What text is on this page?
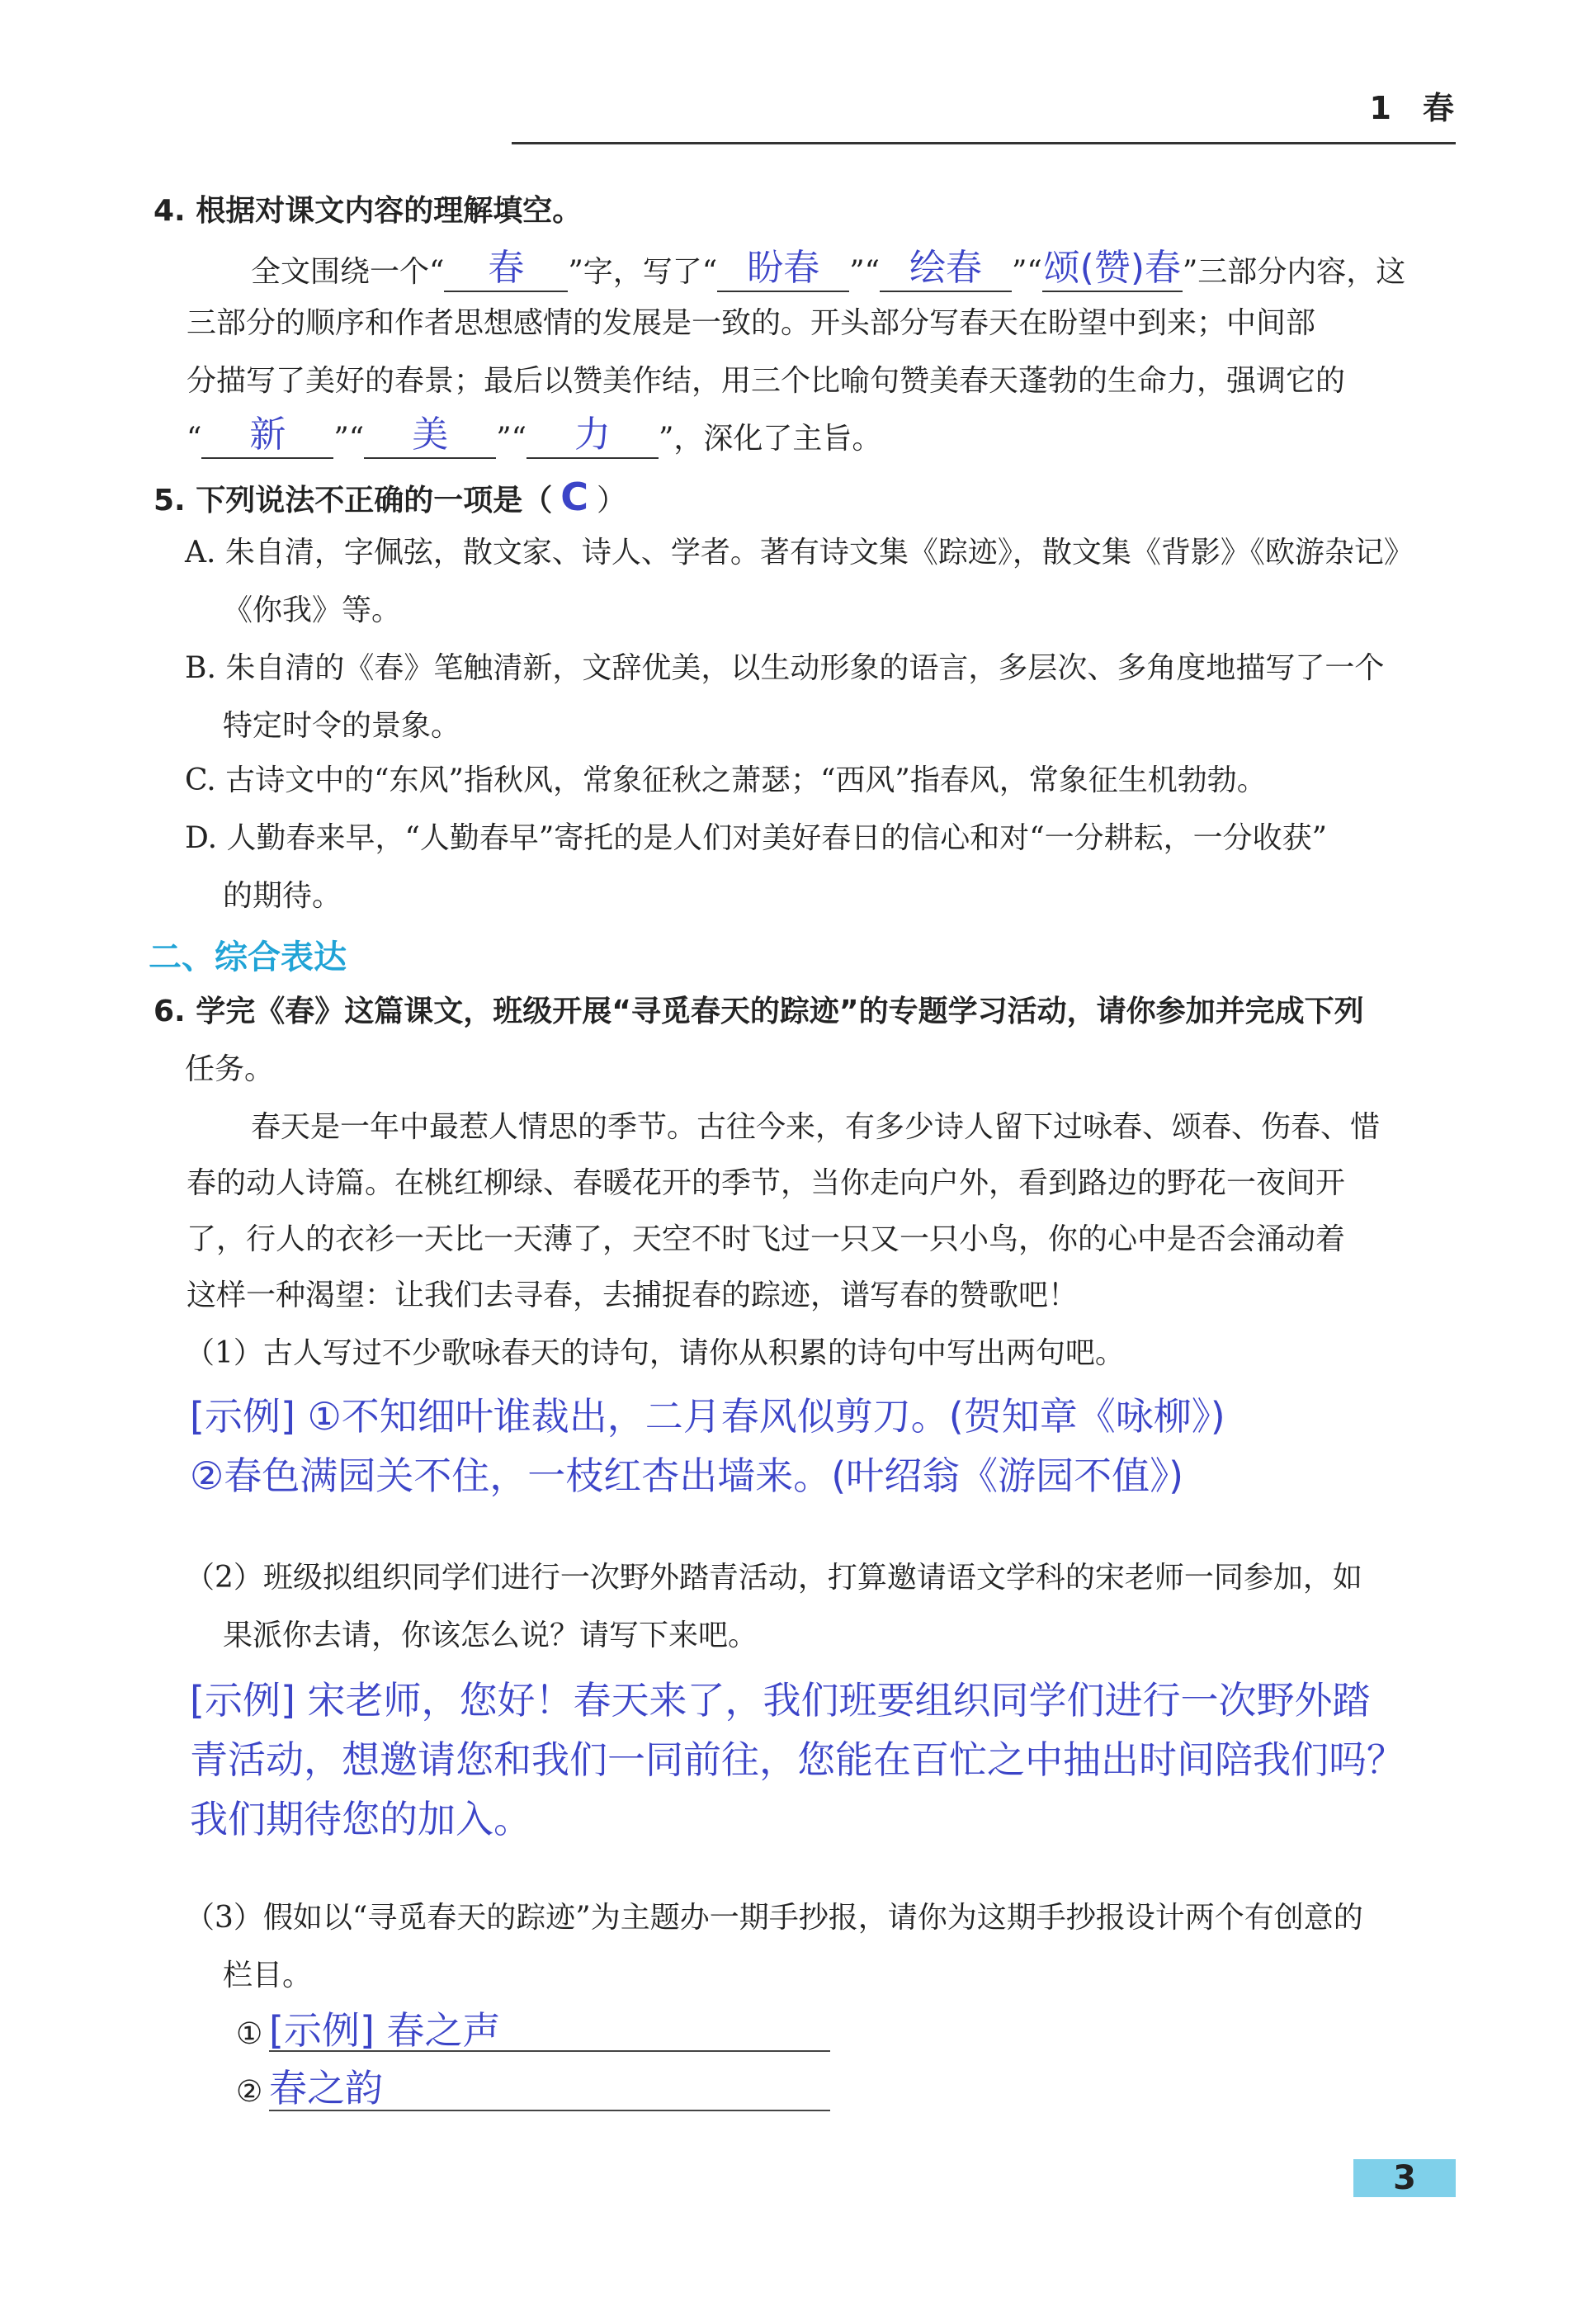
1 春
4. 根据对课文内容的理解填空。
全文围绕一个“ 春 ”字，写了“ 盼春 ”“ 绘春 ”“颂(赞)春”三部分内容，这
三部分的顺序和作者思想感情的发展是一致的。开头部分写春天在盼望中到来；中间部
分描写了美好的春景；最后以赞美作结，用三个比喻句赞美春天蓬勃的生命力，强调它的
“ 新 ”“ 美 ”“ 力 ”，深化了主旨。
5. 下列说法不正确的一项是（ C ）
A. 朱自清，字佩弦，散文家、诗人、学者。著有诗文集《踪迹》，散文集《背影》《欧游杂记》
《你我》等。
B. 朱自清的《春》笔触清新，文辞优美，以生动形象的语言，多层次、多角度地描写了一个
特定时令的景象。
C. 古诗文中的“东风”指秋风，常象征秋之萧瑟；“西风”指春风，常象征生机勃勃。
D. 人勤春来早，“人勤春早”寄托的是人们对美好春日的信心和对“一分耕耘，一分收获”
的期待。
二、综合表达
6. 学完《春》这篇课文，班级开展“寻觅春天的踪迹”的专题学习活动，请你参加并完成下列
任务。
春天是一年中最惹人情思的季节。古往今来，有多少诗人留下过咏春、颂春、伤春、惜
春的动人诗篇。在桃红柳绿、春暖花开的季节，当你走向户外，看到路边的野花一夜间开
了，行人的衣衫一天比一天薄了，天空不时飞过一只又一只小鸟，你的心中是否会涌动着
这样一种渴望：让我们去寻春，去捕捉春的踪迹，谱写春的赞歌吧！
（1）古人写过不少歌咏春天的诗句，请你从积累的诗句中写出两句吧。
[示例] ①不知细叶谁裁出，二月春风似剪刀。(贺知章《咏柳》)
②春色满园关不住，一枝红杏出墙来。(叶绍翁《游园不值》)
（2）班级拟组织同学们进行一次野外踏青活动，打算邀请语文学科的宋老师一同参加，如
果派你去请，你该怎么说？请写下来吧。
[示例] 宋老师，您好！春天来了，我们班要组织同学们进行一次野外踏
青活动，想邀请您和我们一同前往，您能在百忙之中抽出时间陪我们吗？
我们期待您的加入。
（3）假如以“寻觅春天的踪迹”为主题办一期手抄报，请你为这期手抄报设计两个有创意的
栏目。
① [示例] 春之声
② 春之韵
3
